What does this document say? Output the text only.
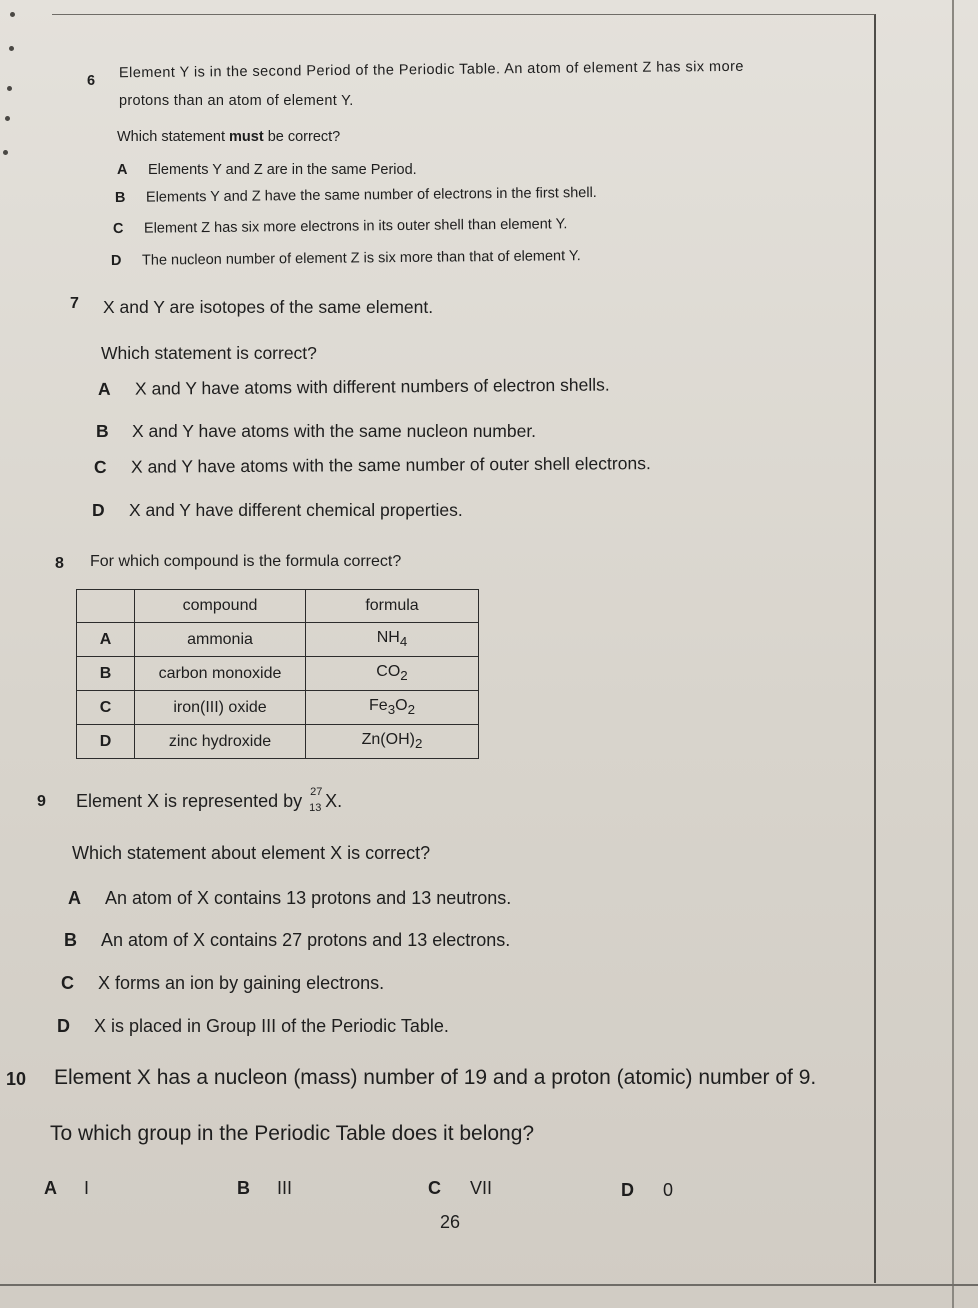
6 Element Y is in the second Period of the Periodic Table. An atom of element Z has six more
protons than an atom of element Y.
Which statement must be correct?
A Elements Y and Z are in the same Period.
B Elements Y and Z have the same number of electrons in the first shell.
C Element Z has six more electrons in its outer shell than element Y.
D The nucleon number of element Z is six more than that of element Y.
7 X and Y are isotopes of the same element.
Which statement is correct?
A X and Y have atoms with different numbers of electron shells.
B X and Y have atoms with the same nucleon number.
C X and Y have atoms with the same number of outer shell electrons.
D X and Y have different chemical properties.
8 For which compound is the formula correct?
	compound	formula
A	ammonia	$NH_4$
B	carbon monoxide	$CO_2$
C	iron(III) oxide	$Fe_3O_2$
D	zinc hydroxide	$Zn(OH)_2$
9 Element X is represented by 27
13 X.
Which statement about element X is correct?
A An atom of X contains 13 protons and 13 neutrons.
B An atom of X contains 27 protons and 13 electrons.
C X forms an ion by gaining electrons.
D X is placed in Group III of the Periodic Table.
10 Element X has a nucleon (mass) number of 19 and a proton (atomic) number of 9.
To which group in the Periodic Table does it belong?
A I	B III	C VII	D 0
26
